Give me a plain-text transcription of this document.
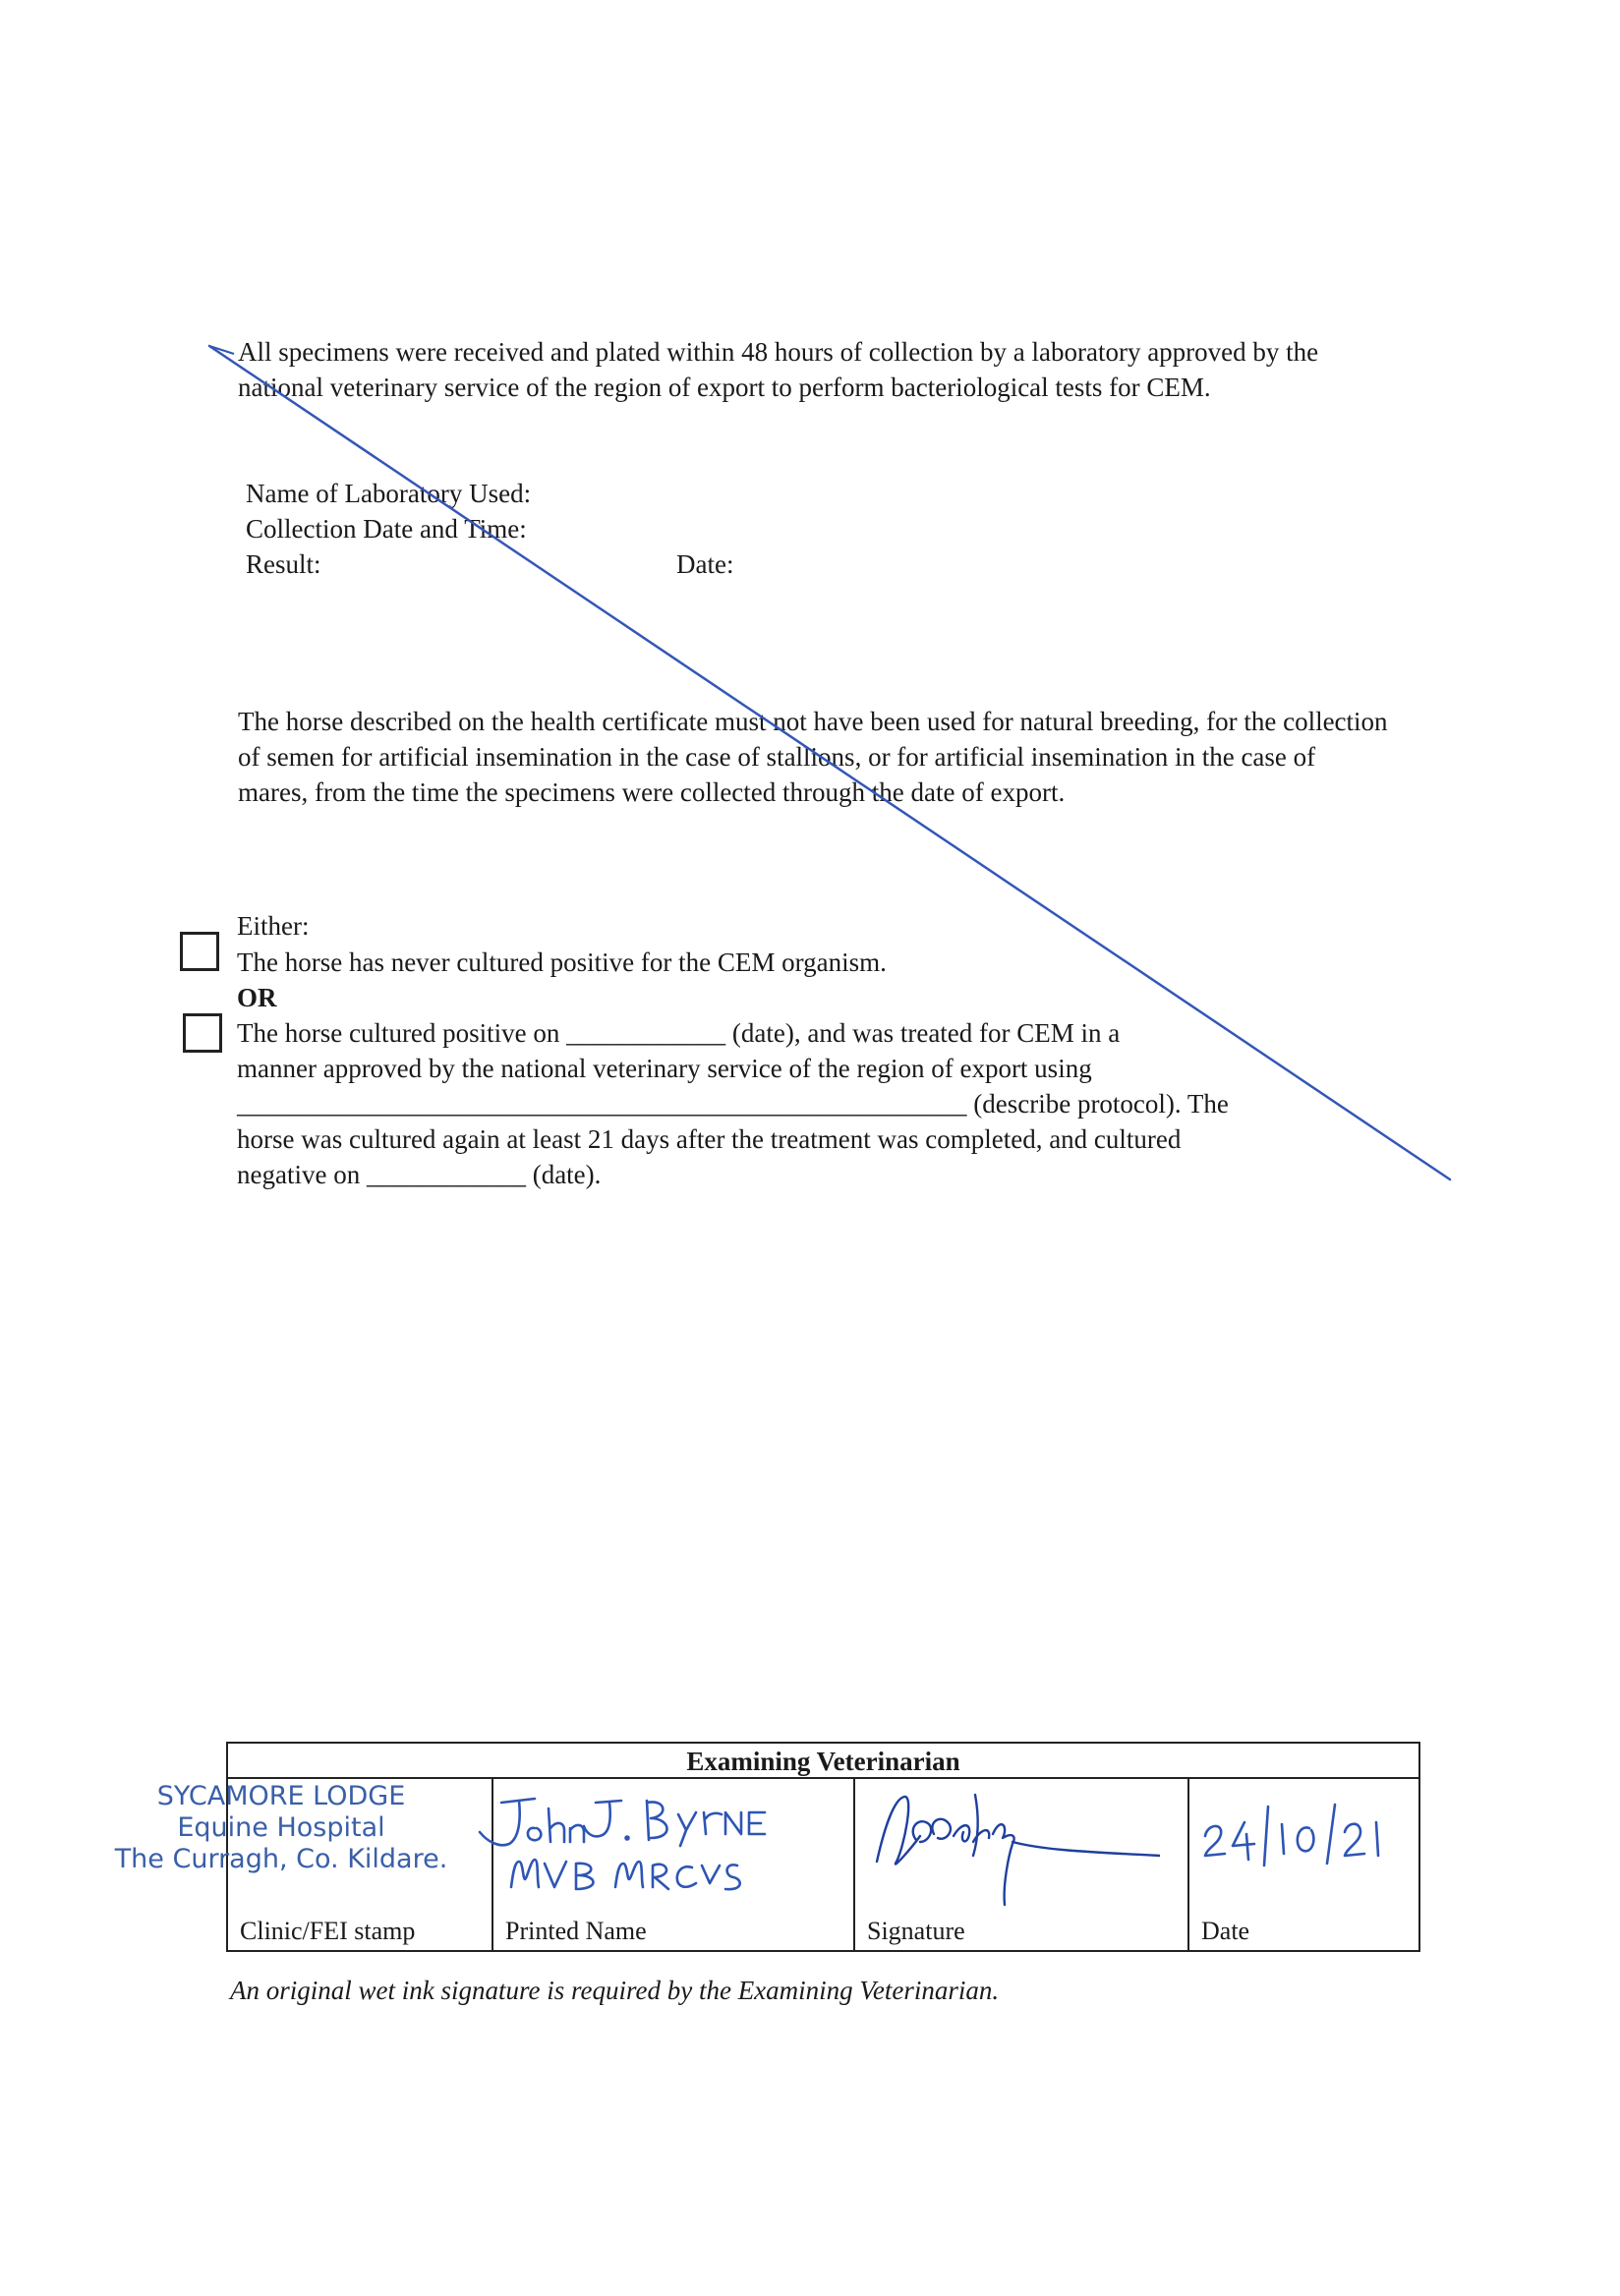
All specimens were received and plated within 48 hours of collection by a laboratory approved by the national veterinary service of the region of export to perform bacteriological tests for CEM.
Name of Laboratory Used:
Collection Date and Time:
Result:	Date:
The horse described on the health certificate must not have been used for natural breeding, for the collection of semen for artificial insemination in the case of stallions, or for artificial insemination in the case of mares, from the time the specimens were collected through the date of export.
Either:
The horse has never cultured positive for the CEM organism.
OR
The horse cultured positive on ____________ (date), and was treated for CEM in a
manner approved by the national veterinary service of the region of export using
_______________________________________________________ (describe protocol). The
horse was cultured again at least 21 days after the treatment was completed, and cultured
negative on ____________ (date).
Examining Veterinarian
Clinic/FEI stamp	Printed Name	Signature	Date
SYCAMORE LODGE
Equine Hospital
The Curragh, Co. Kildare.
An original wet ink signature is required by the Examining Veterinarian.
